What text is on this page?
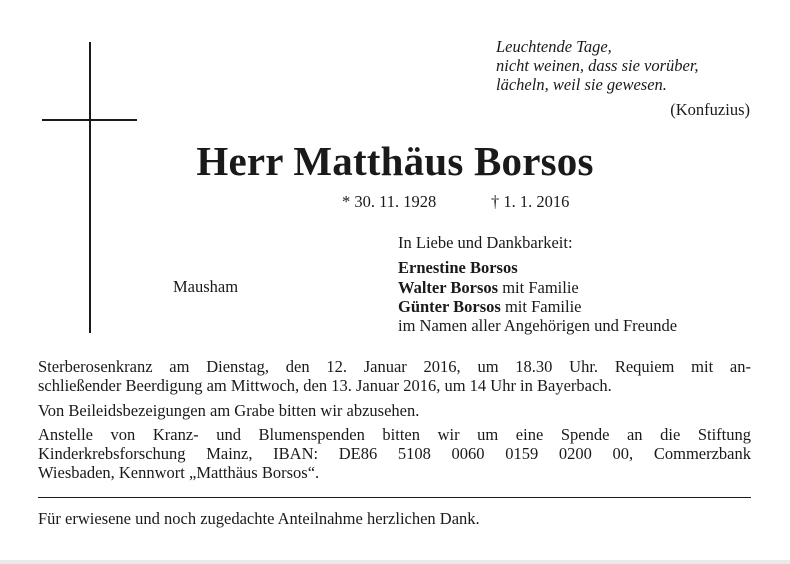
Leuchtende Tage,
nicht weinen, dass sie vorüber,
lächeln, weil sie gewesen.
(Konfuzius)
Herr Matthäus Borsos
* 30. 11. 1928	† 1. 1. 2016
Mausham
In Liebe und Dankbarkeit:
Ernestine Borsos
Walter Borsos mit Familie
Günter Borsos mit Familie
im Namen aller Angehörigen und Freunde

Sterberosenkranz am Dienstag, den 12. Januar 2016, um 18.30 Uhr. Requiem mit an-
schließender Beerdigung am Mittwoch, den 13. Januar 2016, um 14 Uhr in Bayerbach.

Von Beileidsbezeigungen am Grabe bitten wir abzusehen.

Anstelle von Kranz- und Blumenspenden bitten wir um eine Spende an die Stiftung
Kinderkrebsforschung Mainz, IBAN: DE86 5108 0060 0159 0200 00, Commerzbank
Wiesbaden, Kennwort „Matthäus Borsos“.

Für erwiesene und noch zugedachte Anteilnahme herzlichen Dank.
